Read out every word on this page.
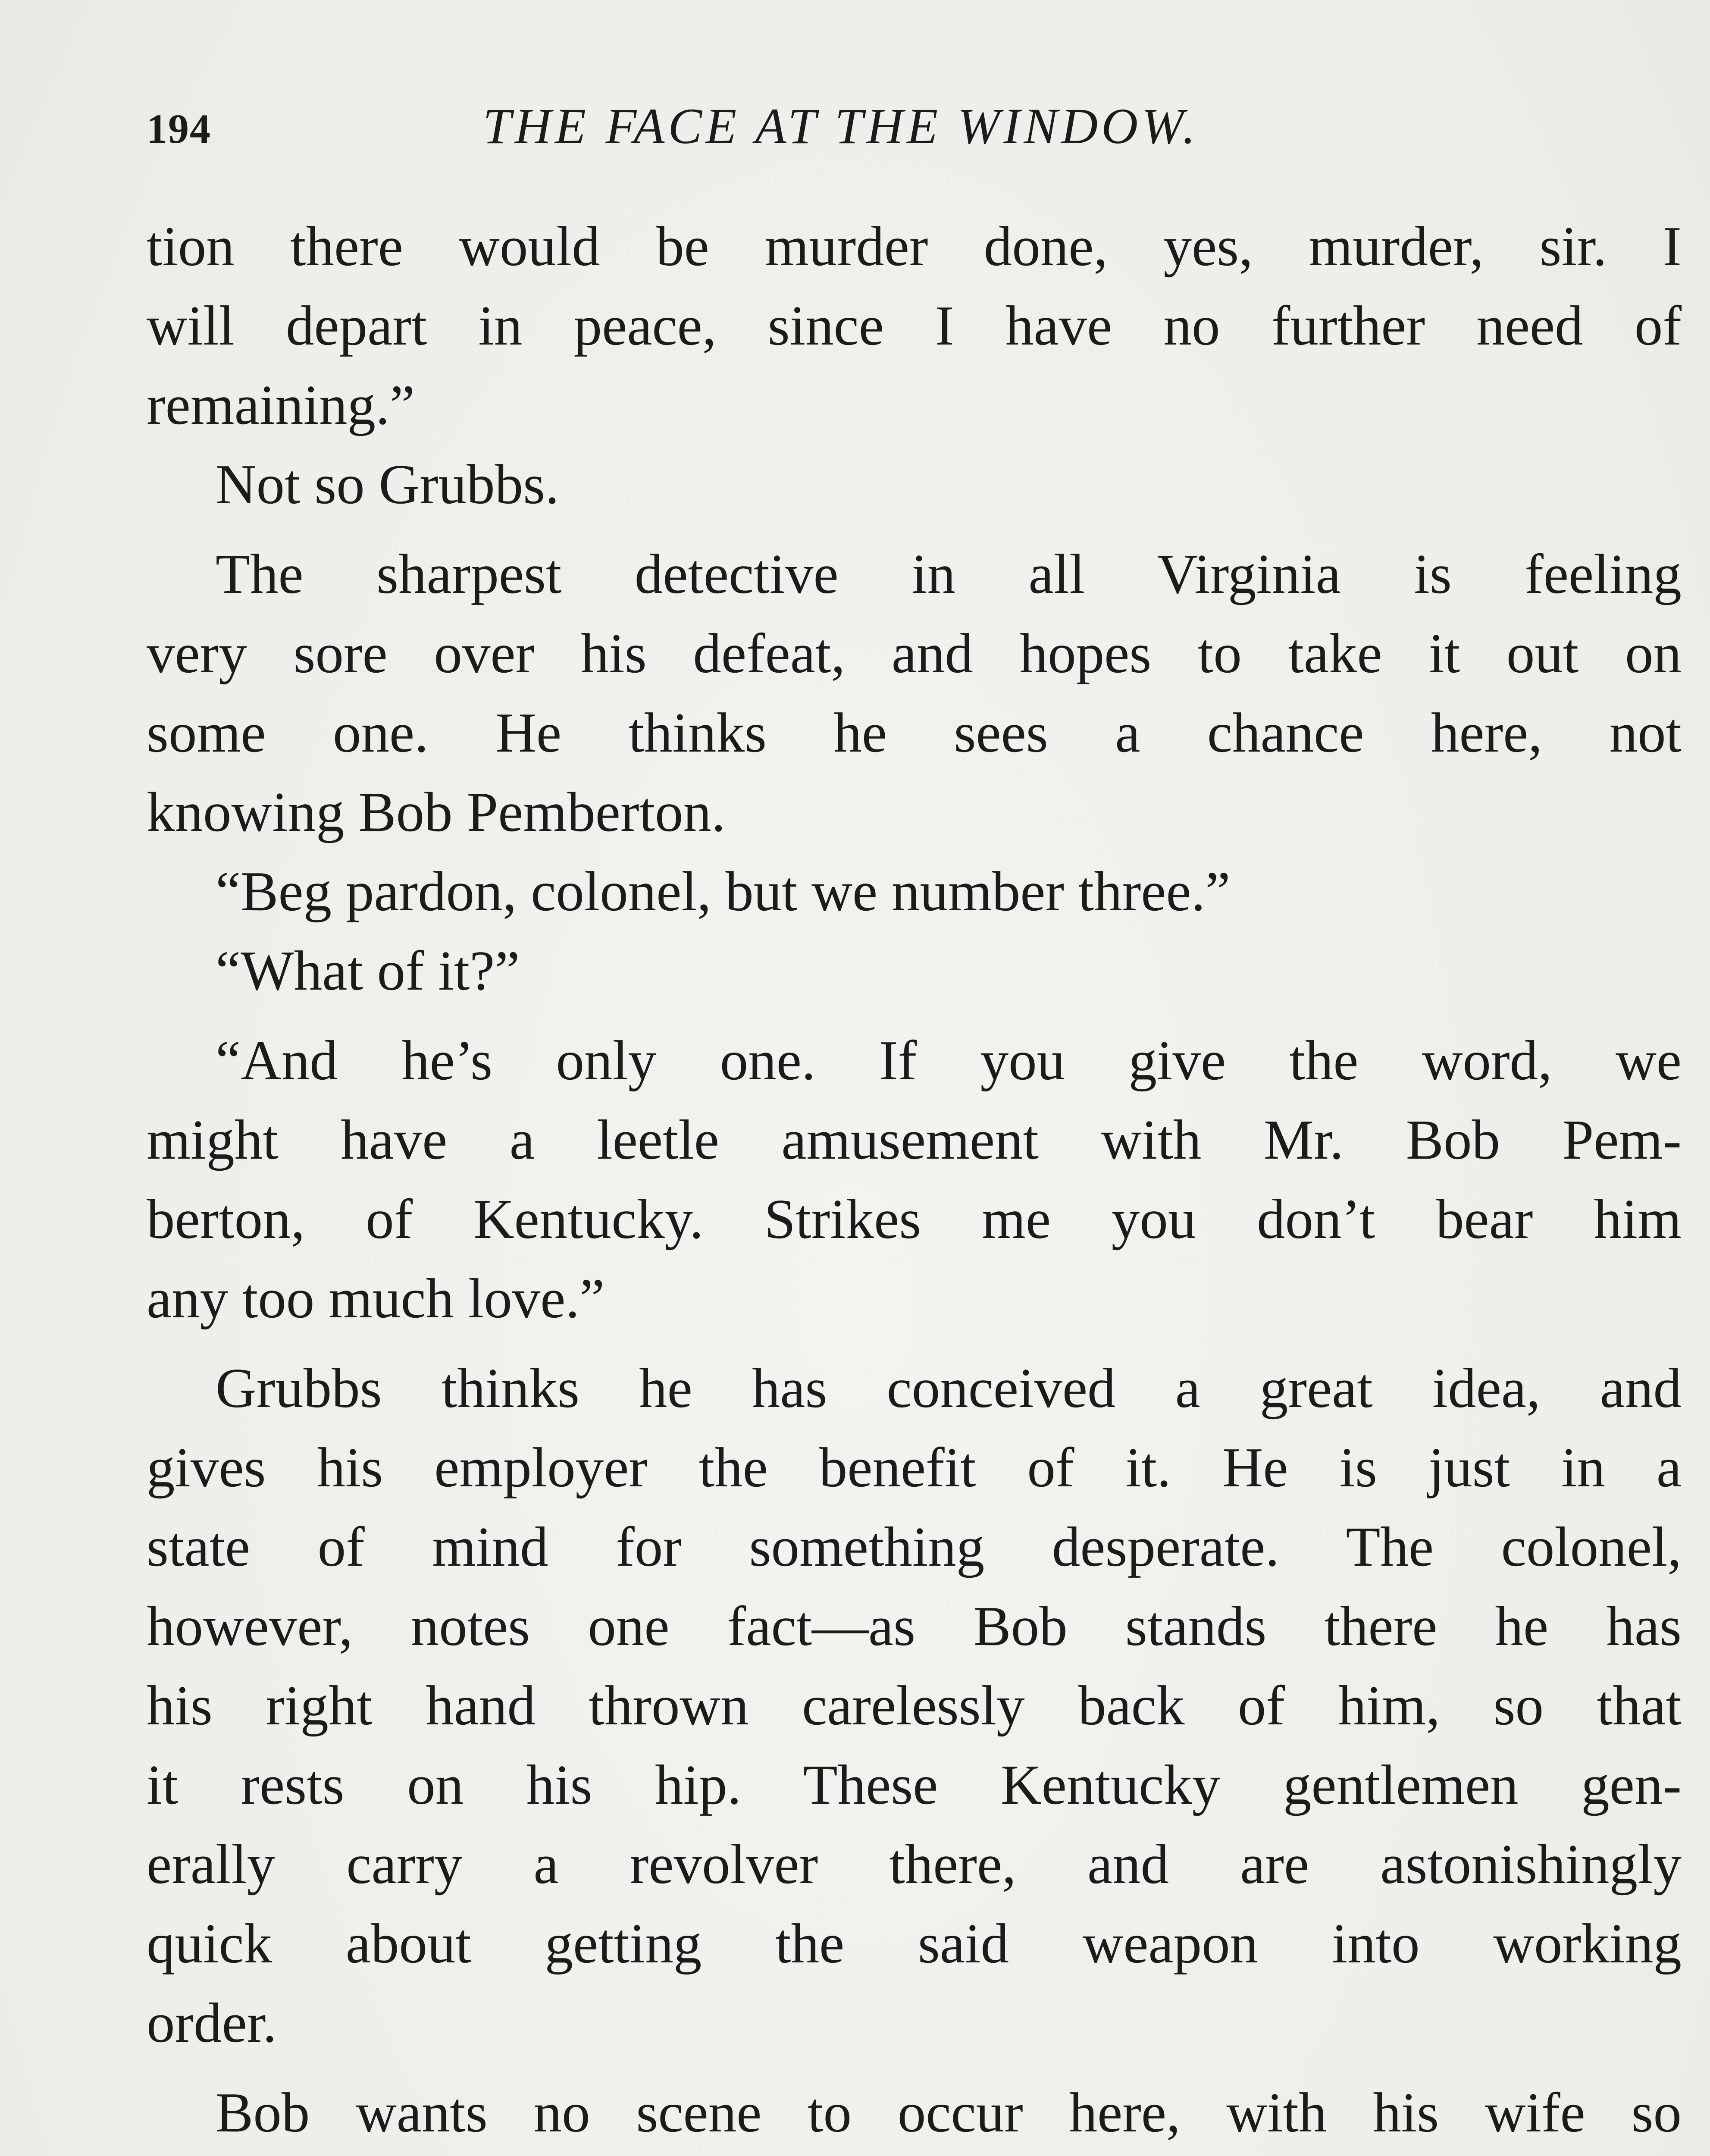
194	THE FACE AT THE WINDOW.
tion there would be murder done, yes, murder, sir. I
will depart in peace, since I have no further need of
remaining.”
Not so Grubbs.
The sharpest detective in all Virginia is feeling
very sore over his defeat, and hopes to take it out on
some one. He thinks he sees a chance here, not
knowing Bob Pemberton.
“Beg pardon, colonel, but we number three.”
“What of it?”
“And he’s only one. If you give the word, we
might have a leetle amusement with Mr. Bob Pem-
berton, of Kentucky. Strikes me you don’t bear him
any too much love.”
Grubbs thinks he has conceived a great idea, and
gives his employer the benefit of it. He is just in a
state of mind for something desperate. The colonel,
however, notes one fact—as Bob stands there he has
his right hand thrown carelessly back of him, so that
it rests on his hip. These Kentucky gentlemen gen-
erally carry a revolver there, and are astonishingly
quick about getting the said weapon into working
order.
Bob wants no scene to occur here, with his wife so
